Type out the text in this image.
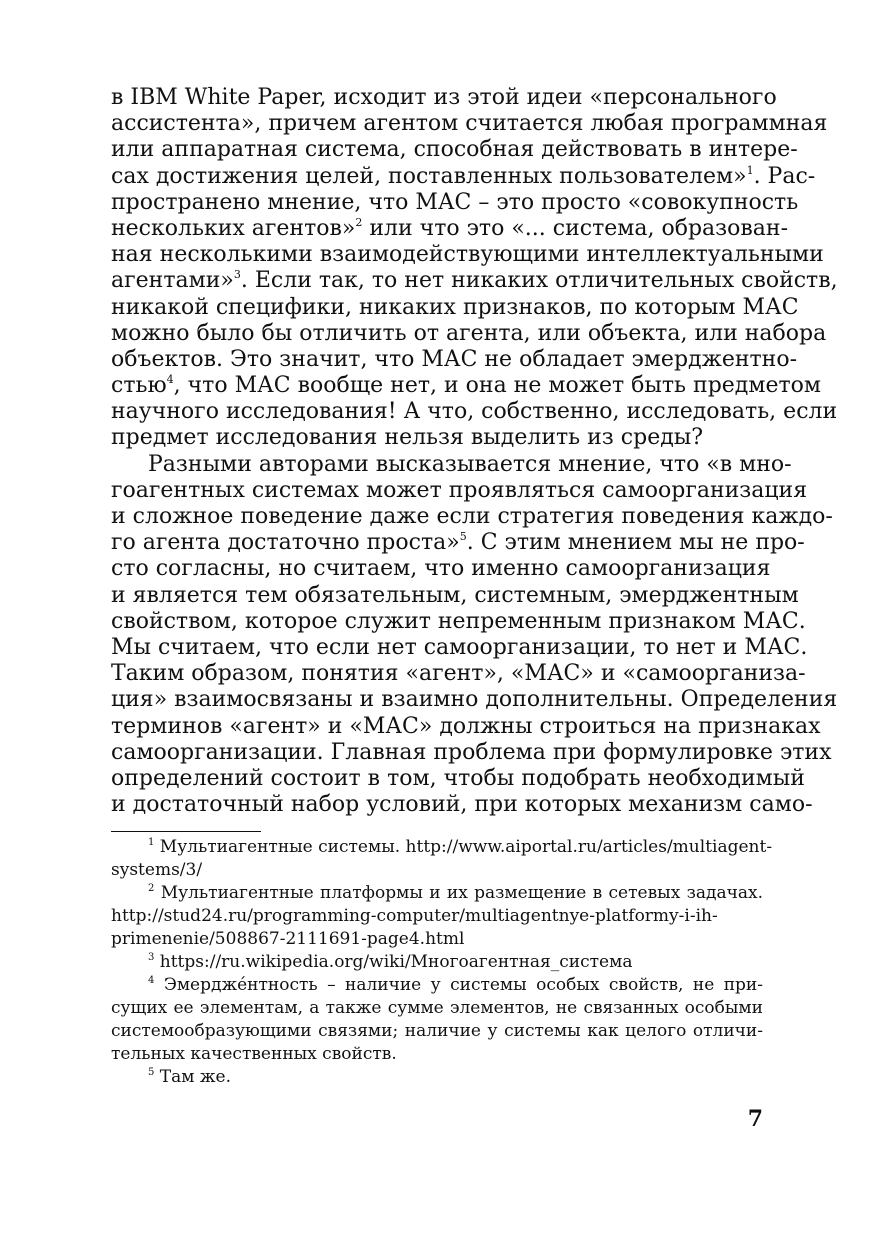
в IBM White Paper, исходит из этой идеи «персонального
ассистента», причем агентом считается любая программная
или аппаратная система, способная действовать в интере-
сах достижения целей, поставленных пользователем»$^1$. Рас-
пространено мнение, что МАС – это просто «совокупность
нескольких агентов»$^2$ или что это «... система, образован-
ная несколькими взаимодействующими интеллектуальными
агентами»$^3$. Если так, то нет никаких отличительных свойств,
никакой специфики, никаких признаков, по которым МАС
можно было бы отличить от агента, или объекта, или набора
объектов. Это значит, что МАС не обладает эмерджентно-
стью$^4$, что МАС вообще нет, и она не может быть предметом
научного исследования! А что, собственно, исследовать, если
предмет исследования нельзя выделить из среды?
Разными авторами высказывается мнение, что «в мно-
гоагентных системах может проявляться самоорганизация
и сложное поведение даже если стратегия поведения каждо-
го агента достаточно проста»$^5$. С этим мнением мы не про-
сто согласны, но считаем, что именно самоорганизация
и является тем обязательным, системным, эмерджентным
свойством, которое служит непременным признаком МАС.
Мы считаем, что если нет самоорганизации, то нет и МАС.
Таким образом, понятия «агент», «МАС» и «самоорганиза-
ция» взаимосвязаны и взаимно дополнительны. Определения
терминов «агент» и «МАС» должны строиться на признаках
самоорганизации. Главная проблема при формулировке этих
определений состоит в том, чтобы подобрать необходимый
и достаточный набор условий, при которых механизм само-
$^1$ Мультиагентные системы. http://www.aiportal.ru/articles/multiagent-
systems/3/
$^2$ Мультиагентные платформы и их размещение в сетевых задачах.
http://stud24.ru/programming-computer/multiagentnye-platformy-i-ih-
primenenie/508867-2111691-page4.html
$^3$ https://ru.wikipedia.org/wiki/Многоагентная_система
$^4$ Эмерджéнтность – наличие у системы особых свойств, не при-
сущих ее элементам, а также сумме элементов, не связанных особыми
системообразующими связями; наличие у системы как целого отличи-
тельных качественных свойств.
$^5$ Там же.
7
